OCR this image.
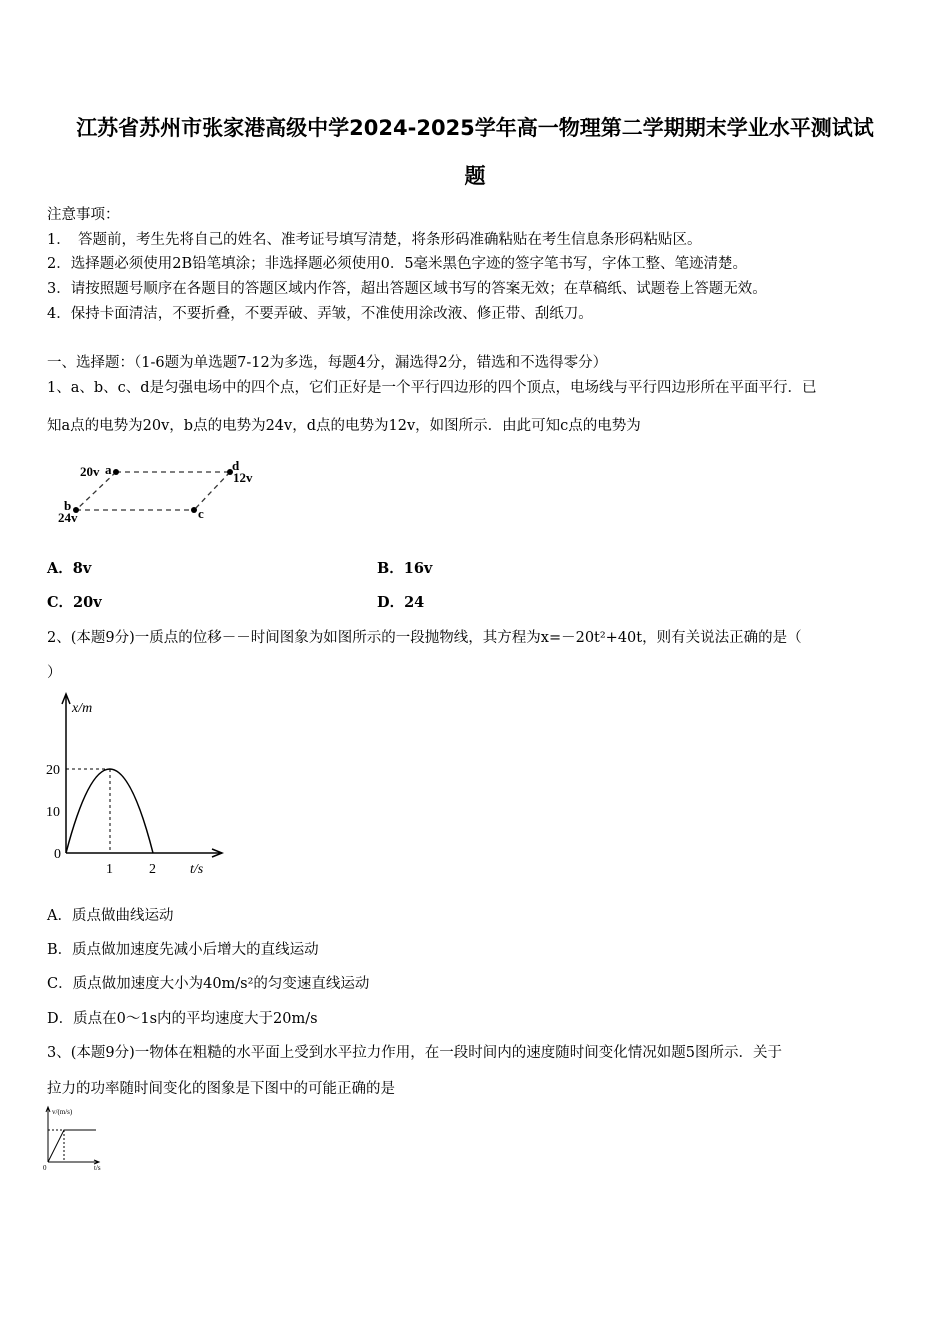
江苏省苏州市张家港高级中学2024-2025学年高一物理第二学期期末学业水平测试试
题
注意事项：
1．　答题前，考生先将自己的姓名、准考证号填写清楚，将条形码准确粘贴在考生信息条形码粘贴区。
2．选择题必须使用2B铅笔填涂；非选择题必须使用0．5毫米黑色字迹的签字笔书写，字体工整、笔迹清楚。
3．请按照题号顺序在各题目的答题区域内作答，超出答题区域书写的答案无效；在草稿纸、试题卷上答题无效。
4．保持卡面清洁，不要折叠，不要弄破、弄皱，不准使用涂改液、修正带、刮纸刀。
一、选择题：（1-6题为单选题7-12为多选，每题4分，漏选得2分，错选和不选得零分）
1、a、b、c、d是匀强电场中的四个点，它们正好是一个平行四边形的四个顶点，电场线与平行四边形所在平面平行．已
知a点的电势为20v，b点的电势为24v，d点的电势为12v，如图所示．由此可知c点的电势为
20v a	d
12v
b
24v	c
A．8v	B．16v
C．20v	D．24
2、(本题9分)一质点的位移－－时间图象为如图所示的一段抛物线，其方程为x=－20t²+40t，则有关说法正确的是（
）
x/m
t/s
20
10
0
1	2
A．质点做曲线运动
B．质点做加速度先减小后增大的直线运动
C．质点做加速度大小为40m/s²的匀变速直线运动
D．质点在0～1s内的平均速度大于20m/s
3、(本题9分)一物体在粗糙的水平面上受到水平拉力作用，在一段时间内的速度随时间变化情况如题5图所示．关于
拉力的功率随时间变化的图象是下图中的可能正确的是
v/(m/s)
t/s
0
